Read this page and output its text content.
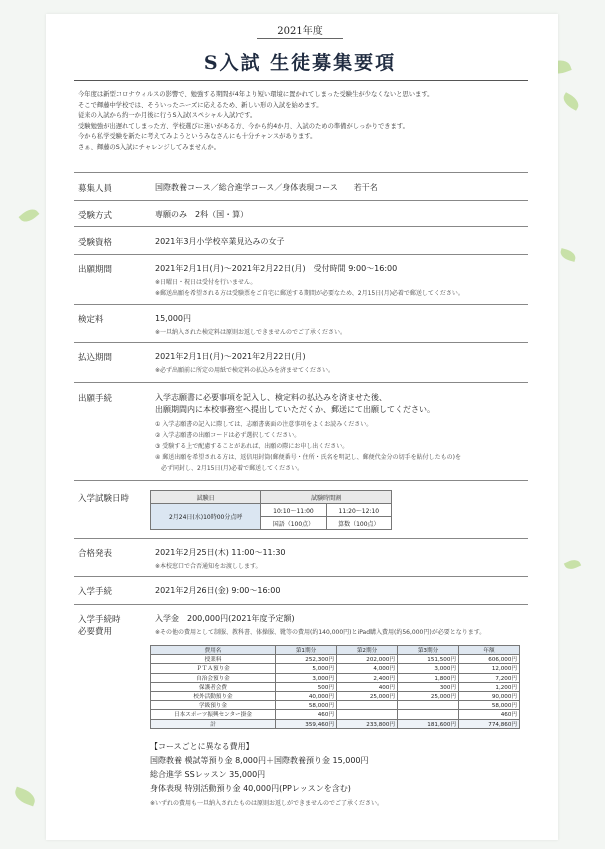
2021年度
S入試 生徒募集要項
今年度は新型コロナウィルスの影響で、勉強する期間が4年より短い環境に置かれてしまった受験生が少なくないと思います。
そこで輝藤中学校では、そういったニーズに応えるため、新しい形の入試を始めます。
従来の入試から約一か月後に行うS入試(スペシャル入試)です。
受験勉強が出遅れてしまった方、学校選びに迷いがある方、今から約4か月、入試のための準備がしっかりできます。
今から私学受験を新たに考えてみようというみなさんにも十分チャンスがあります。
さぁ、輝藤のS入試にチャレンジしてみませんか。
募集人員	国際教養コース／総合進学コース／身体表現コース　　若干名
受験方式	専願のみ　2科（国・算）
受験資格	2021年3月小学校卒業見込みの女子
出願期間	2021年2月1日(月)～2021年2月22日(月)　受付時間 9:00～16:00
※日曜日・祝日は受付を行いません。
※郵送出願を希望される方は受験票をご自宅に郵送する期間が必要なため、2月15日(月)必着で郵送してください。
検定料	15,000円
※一旦納入された検定料は原則お返しできませんのでご了承ください。
払込期間	2021年2月1日(月)～2021年2月22日(月)
※必ず出願前に所定の用紙で検定料の払込みを済ませてください。
出願手続	入学志願書に必要事項を記入し、検定料の払込みを済ませた後、
出願期間内に本校事務室へ提出していただくか、郵送にて出願してください。
① 入学志願書の記入に際しては、志願書裏面の注意事項をよくお読みください。
② 入学志願書の出願コードは必ず選択してください。
③ 受験する上で配慮することがあれば、出願の際にお申し出ください。
④ 郵送出願を希望される方は、返信用封筒(郵便番号・住所・氏名を明記し、郵便代金分の切手を貼付したもの)を
　必ず同封し、2月15日(月)必着で郵送してください。
入学試験日時	試験日	試験時間割	
2月24日(水)10時00分点呼	10:10～11:00	11:20～12:10
	国語（100点）	算数（100点）
合格発表	2021年2月25日(木) 11:00～11:30
※本校窓口で合否通知をお渡しします。
入学手続	2021年2月26日(金) 9:00～16:00
入学手続時
必要費用
入学金　200,000円(2021年度予定額)
※その他の費用として制服、教科書、体操服、靴等の費用(約140,000円)とiPad購入費用(約56,000円)が必要となります。
費用名	第1期分	第2期分	第3期分	年額
授業料	252,300円	202,000円	151,500円	606,000円
ＰＴＡ預り金	5,000円	4,000円	3,000円	12,000円
自治会預り金	3,000円	2,400円	1,800円	7,200円
保護者会費	500円	400円	300円	1,200円
校外活動預り金	40,000円	25,000円	25,000円	90,000円
学級預り金	58,000円			58,000円
日本スポーツ振興センター掛金	460円			460円
計	359,460円	233,800円	181,600円	774,860円
【コースごとに異なる費用】
国際教養 模試等預り金 8,000円＋国際教養預り金 15,000円
総合進学 SSレッスン 35,000円
身体表現 特別活動預り金 40,000円(PPレッスンを含む)
※いずれの費用も一旦納入されたものは原則お返しができませんのでご了承ください。
